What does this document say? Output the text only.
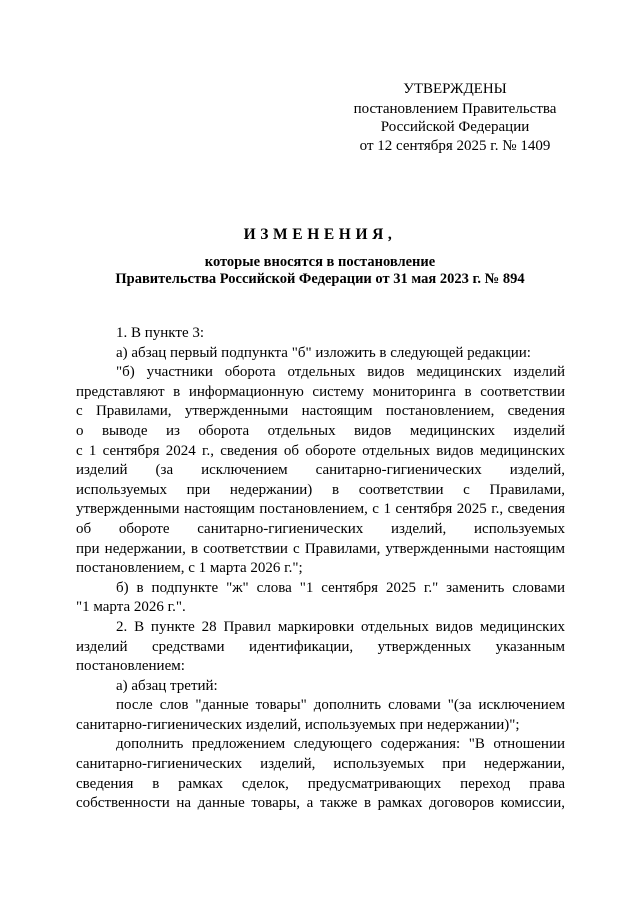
УТВЕРЖДЕНЫ
постановлением Правительства
Российской Федерации
от 12 сентября 2025 г. № 1409
ИЗМЕНЕНИЯ,
которые вносятся в постановление
Правительства Российской Федерации от 31 мая 2023 г. № 894
1. В пункте 3:
а) абзац первый подпункта "б" изложить в следующей редакции:
"б) участники оборота отдельных видов медицинских изделий
представляют в информационную систему мониторинга в соответствии
с Правилами, утвержденными настоящим постановлением, сведения
о выводе из оборота отдельных видов медицинских изделий
с 1 сентября 2024 г., сведения об обороте отдельных видов медицинских
изделий (за исключением санитарно-гигиенических изделий,
используемых при недержании) в соответствии с Правилами,
утвержденными настоящим постановлением, с 1 сентября 2025 г., сведения
об обороте санитарно-гигиенических изделий, используемых
при недержании, в соответствии с Правилами, утвержденными настоящим
постановлением, с 1 марта 2026 г.";
б) в подпункте "ж" слова "1 сентября 2025 г." заменить словами
"1 марта 2026 г.".
2. В пункте 28 Правил маркировки отдельных видов медицинских
изделий средствами идентификации, утвержденных указанным
постановлением:
а) абзац третий:
после слов "данные товары" дополнить словами "(за исключением
санитарно-гигиенических изделий, используемых при недержании)";
дополнить предложением следующего содержания: "В отношении
санитарно-гигиенических изделий, используемых при недержании,
сведения в рамках сделок, предусматривающих переход права
собственности на данные товары, а также в рамках договоров комиссии,
